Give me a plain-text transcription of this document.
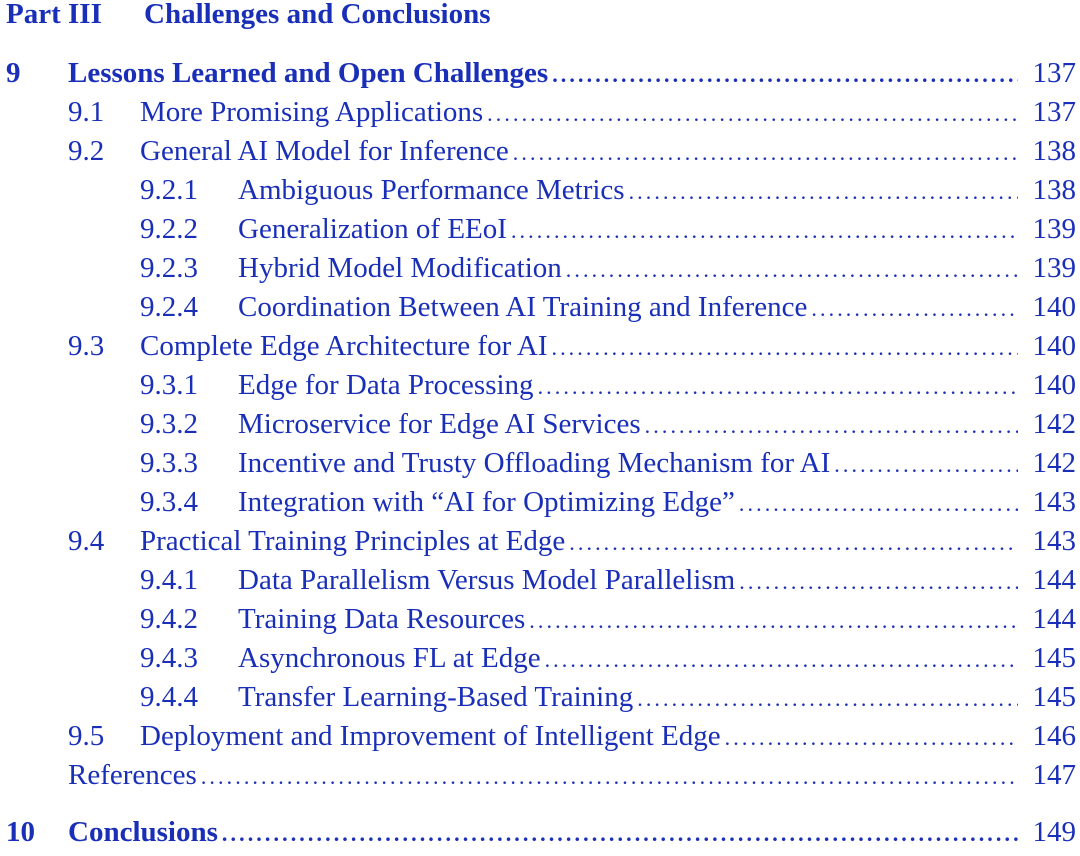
Part III Challenges and Conclusions
9	Lessons Learned and Open Challenges . . .	137
9.1	More Promising Applications . . .	137
9.2	General AI Model for Inference . . .	138
9.2.1	Ambiguous Performance Metrics . . .	138
9.2.2	Generalization of EEoI . . .	139
9.2.3	Hybrid Model Modification . . .	139
9.2.4	Coordination Between AI Training and Inference . . .	140
9.3	Complete Edge Architecture for AI . . .	140
9.3.1	Edge for Data Processing . . .	140
9.3.2	Microservice for Edge AI Services . . .	142
9.3.3	Incentive and Trusty Offloading Mechanism for AI . . .	142
9.3.4	Integration with “AI for Optimizing Edge” . . .	143
9.4	Practical Training Principles at Edge . . .	143
9.4.1	Data Parallelism Versus Model Parallelism . . .	144
9.4.2	Training Data Resources . . .	144
9.4.3	Asynchronous FL at Edge . . .	145
9.4.4	Transfer Learning-Based Training . . .	145
9.5	Deployment and Improvement of Intelligent Edge . . .	146
References . . .	147
10	Conclusions . . .	149
